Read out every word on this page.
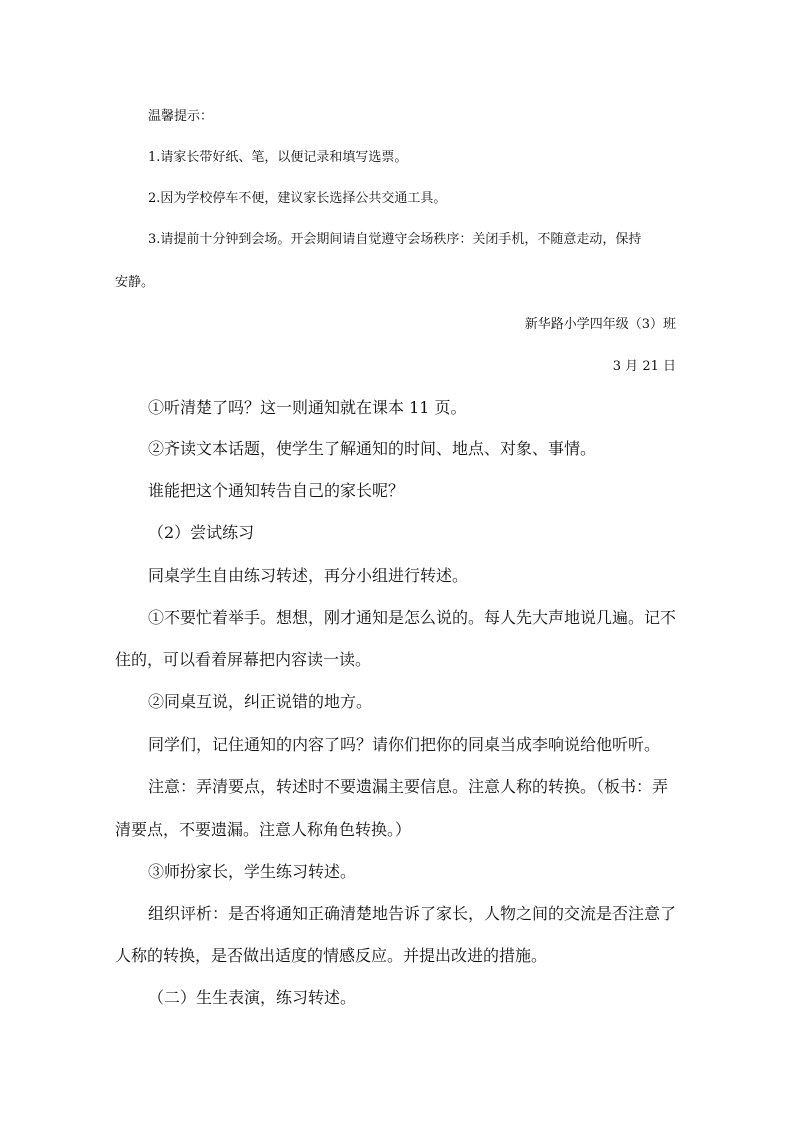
温馨提示：
1.请家长带好纸、笔，以便记录和填写选票。
2.因为学校停车不便，建议家长选择公共交通工具。
3.请提前十分钟到会场。开会期间请自觉遵守会场秩序：关闭手机，不随意走动，保持
安静。
新华路小学四年级（3）班
3 月 21 日
①听清楚了吗？这一则通知就在课本 11 页。
②齐读文本话题，使学生了解通知的时间、地点、对象、事情。
谁能把这个通知转告自己的家长呢？
（2）尝试练习
同桌学生自由练习转述，再分小组进行转述。
①不要忙着举手。想想，刚才通知是怎么说的。每人先大声地说几遍。记不
住的，可以看着屏幕把内容读一读。
②同桌互说，纠正说错的地方。
同学们，记住通知的内容了吗？请你们把你的同桌当成李响说给他听听。
注意：弄清要点，转述时不要遗漏主要信息。注意人称的转换。（板书：弄
清要点，不要遗漏。注意人称角色转换。）
③师扮家长，学生练习转述。
组织评析：是否将通知正确清楚地告诉了家长，人物之间的交流是否注意了
人称的转换，是否做出适度的情感反应。并提出改进的措施。
（二）生生表演，练习转述。
